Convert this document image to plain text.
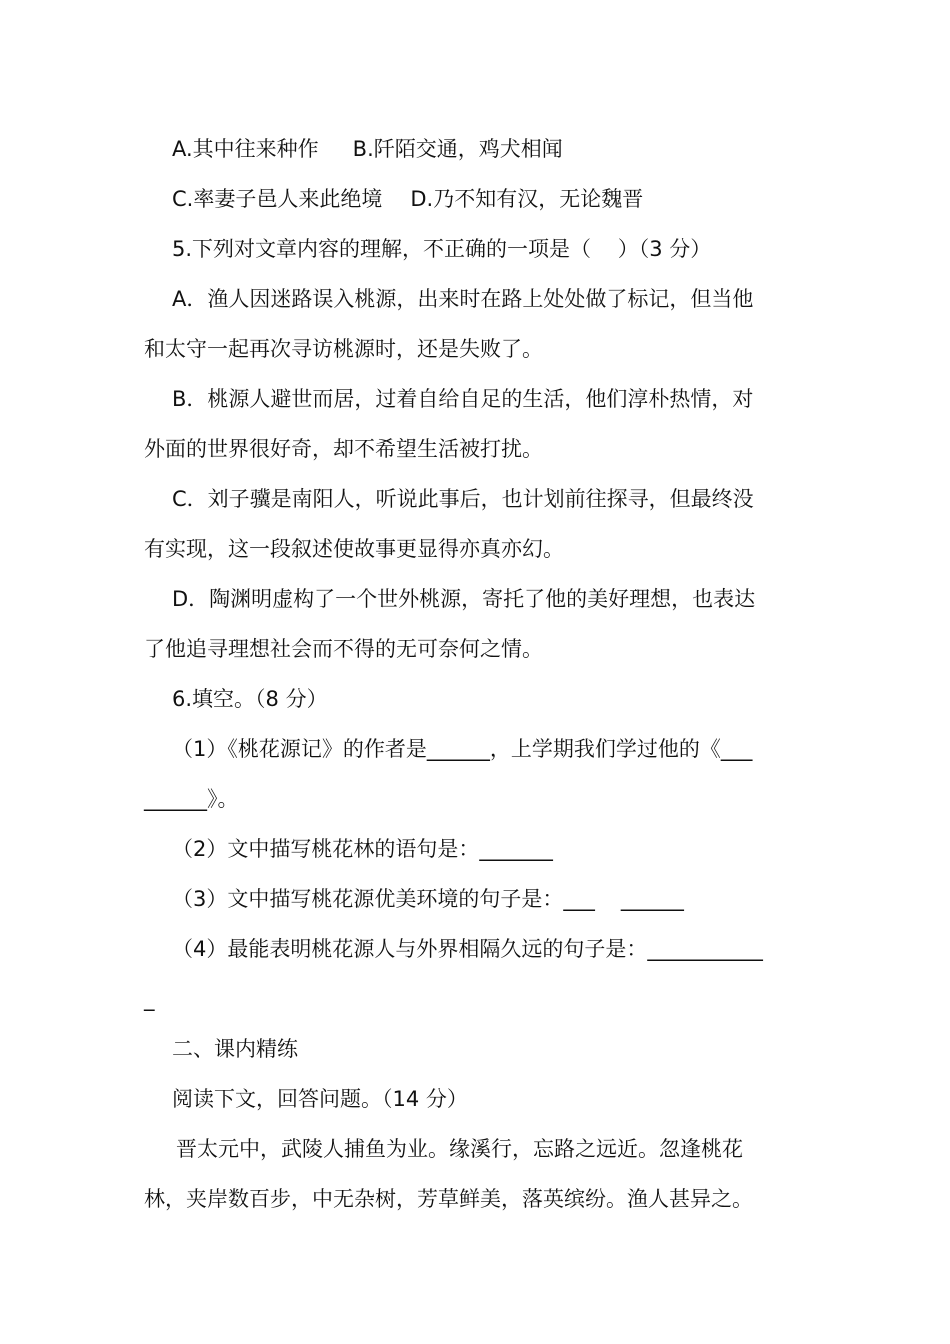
A.其中往来种作 B.阡陌交通，鸡犬相闻
C.率妻子邑人来此绝境 D.乃不知有汉，无论魏晋
5.下列对文章内容的理解，不正确的一项是（    ）（3 分）
A．渔人因迷路误入桃源，出来时在路上处处做了标记，但当他
和太守一起再次寻访桃源时，还是失败了。
B．桃源人避世而居，过着自给自足的生活，他们淳朴热情，对
外面的世界很好奇，却不希望生活被打扰。
C．刘子骥是南阳人，听说此事后，也计划前往探寻，但最终没
有实现，这一段叙述使故事更显得亦真亦幻。
D．陶渊明虚构了一个世外桃源，寄托了他的美好理想，也表达
了他追寻理想社会而不得的无可奈何之情。
6.填空。（8 分）
（1）《桃花源记》的作者是______，上学期我们学过他的《___
______》。
（2）文中描写桃花林的语句是：_______
（3）文中描写桃花源优美环境的句子是：___ ______
（4）最能表明桃花源人与外界相隔久远的句子是：___________
_
二、课内精练
阅读下文，回答问题。（14 分）
晋太元中，武陵人捕鱼为业。缘溪行，忘路之远近。忽逢桃花
林，夹岸数百步，中无杂树，芳草鲜美，落英缤纷。渔人甚异之。
